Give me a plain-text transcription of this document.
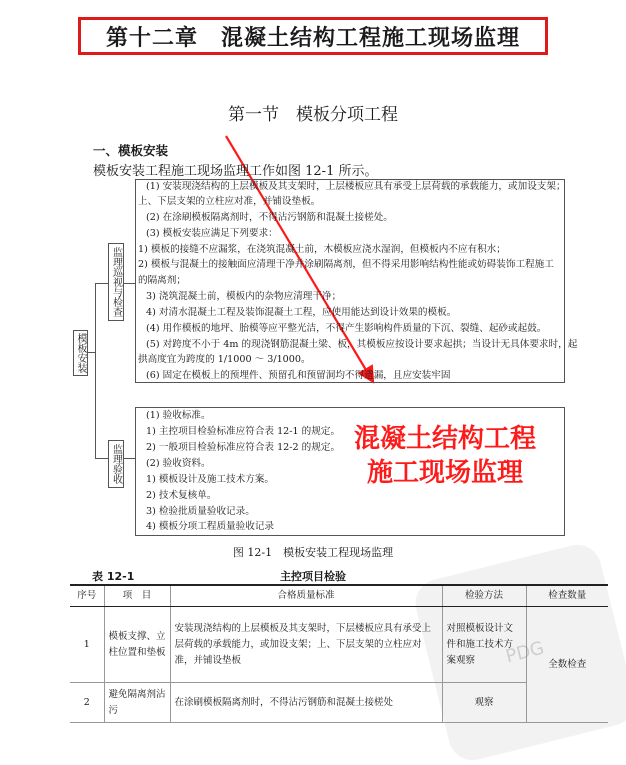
第十二章　混凝土结构工程施工现场监理
第一节　模板分项工程
一、模板安装
模板安装工程施工现场监理工作如图 12-1 所示。
模板安装
监理巡视与检查
监理验收
(1) 安装现浇结构的上层模板及其支架时，上层楼板应具有承受上层荷载的承载能力，或加设支架；
上、下层支架的立柱应对准，并铺设垫板。
(2) 在涂刷模板隔离剂时，不得沾污钢筋和混凝土接槎处。
(3) 模板安装应满足下列要求：
1) 模板的接缝不应漏浆，在浇筑混凝土前，木模板应浇水湿润，但模板内不应有积水；
2) 模板与混凝土的接触面应清理干净并涂刷隔离剂，但不得采用影响结构性能或妨碍装饰工程施工
的隔离剂；
3) 浇筑混凝土前，模板内的杂物应清理干净；
4) 对清水混凝土工程及装饰混凝土工程，应使用能达到设计效果的模板。
(4) 用作模板的地坪、胎模等应平整光洁，不得产生影响构件质量的下沉、裂缝、起砂或起鼓。
(5) 对跨度不小于 4m 的现浇钢筋混凝土梁、板，其模板应按设计要求起拱；当设计无具体要求时，起
拱高度宜为跨度的 1/1000 ～ 3/1000。
(6) 固定在模板上的预埋件、预留孔和预留洞均不得遗漏，且应安装牢固
(1) 验收标准。
1) 主控项目检验标准应符合表 12-1 的规定。
2) 一般项目检验标准应符合表 12-2 的规定。
(2) 验收资料。
1) 模板设计及施工技术方案。
2) 技术复核单。
3) 检验批质量验收记录。
4) 模板分项工程质量验收记录
混凝土结构工程
施工现场监理
图 12-1　模板安装工程现场监理
表 12-1	主控项目检验
PDG
序号	项　目	合格质量标准	检验方法	检查数量
1	模板支撑、立柱位置和垫板	安装现浇结构的上层模板及其支架时，下层楼板应具有承受上层荷载的承载能力，或加设支架；上、下层支架的立柱应对准，并铺设垫板	对照模板设计文件和施工技术方案观察	全数检查
2	避免隔离剂沾污	在涂刷模板隔离剂时，不得沾污钢筋和混凝土接槎处	观察	
